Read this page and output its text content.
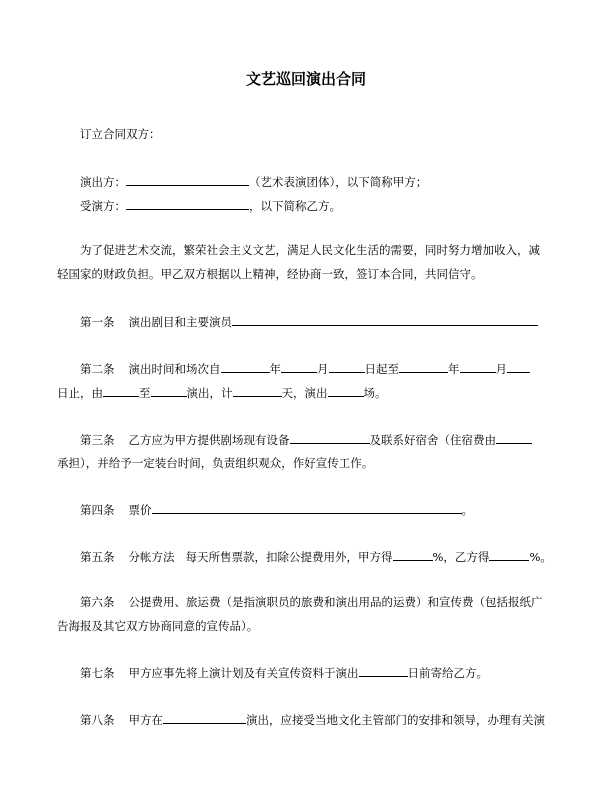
文艺巡回演出合同
订立合同双方：
演出方：	（艺术表演团体），以下简称甲方；
受演方：	，以下简称乙方。
为了促进艺术交流，繁荣社会主义文艺，满足人民文化生活的需要，同时努力增加收入，减
轻国家的财政负担。甲乙双方根据以上精神，经协商一致，签订本合同，共同信守。
第一条 演出剧目和主要演员
第二条 演出时间和场次自	年	月	日起至	年	月
日止，由	至	演出，计	天，演出	场。
第三条 乙方应为甲方提供剧场现有设备	及联系好宿舍（住宿费由
承担），并给予一定装台时间，负责组织观众，作好宣传工作。
第四条 票价	。
第五条 分帐方法 每天所售票款，扣除公提费用外，甲方得	%，乙方得	%。
第六条 公提费用、旅运费（是指演职员的旅费和演出用品的运费）和宣传费（包括报纸广
告海报及其它双方协商同意的宣传品）。
第七条 甲方应事先将上演计划及有关宣传资料于演出	日前寄给乙方。
第八条 甲方在	演出，应接受当地文化主管部门的安排和领导，办理有关演
